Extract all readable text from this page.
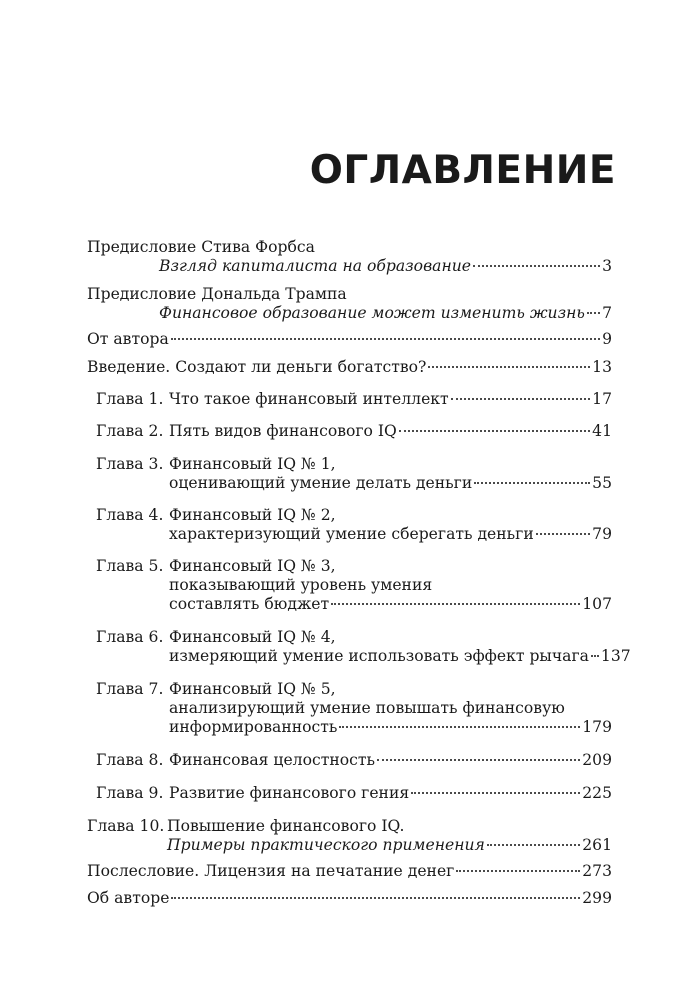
ОГЛАВЛЕНИЕ
Предисловие Стива Форбса
Взгляд капиталиста на образование	3
Предисловие Дональда Трампа
Финансовое образование может изменить жизнь 7
От автора	9
Введение. Создают ли деньги богатство?	13
Глава 1. Что такое финансовый интеллект	17
Глава 2. Пять видов финансового IQ	41
Глава 3. Финансовый IQ № 1,
оценивающий умение делать деньги	55
Глава 4. Финансовый IQ № 2,
характеризующий умение сберегать деньги	79
Глава 5. Финансовый IQ № 3,
показывающий уровень умения
составлять бюджет	107
Глава 6. Финансовый IQ № 4,
измеряющий умение использовать эффект рычага 137
Глава 7. Финансовый IQ № 5,
анализирующий умение повышать финансовую
информированность	179
Глава 8. Финансовая целостность	209
Глава 9. Развитие финансового гения	225
Глава 10. Повышение финансового IQ.
Примеры практического применения	261
Послесловие. Лицензия на печатание денег	273
Об авторе	299
